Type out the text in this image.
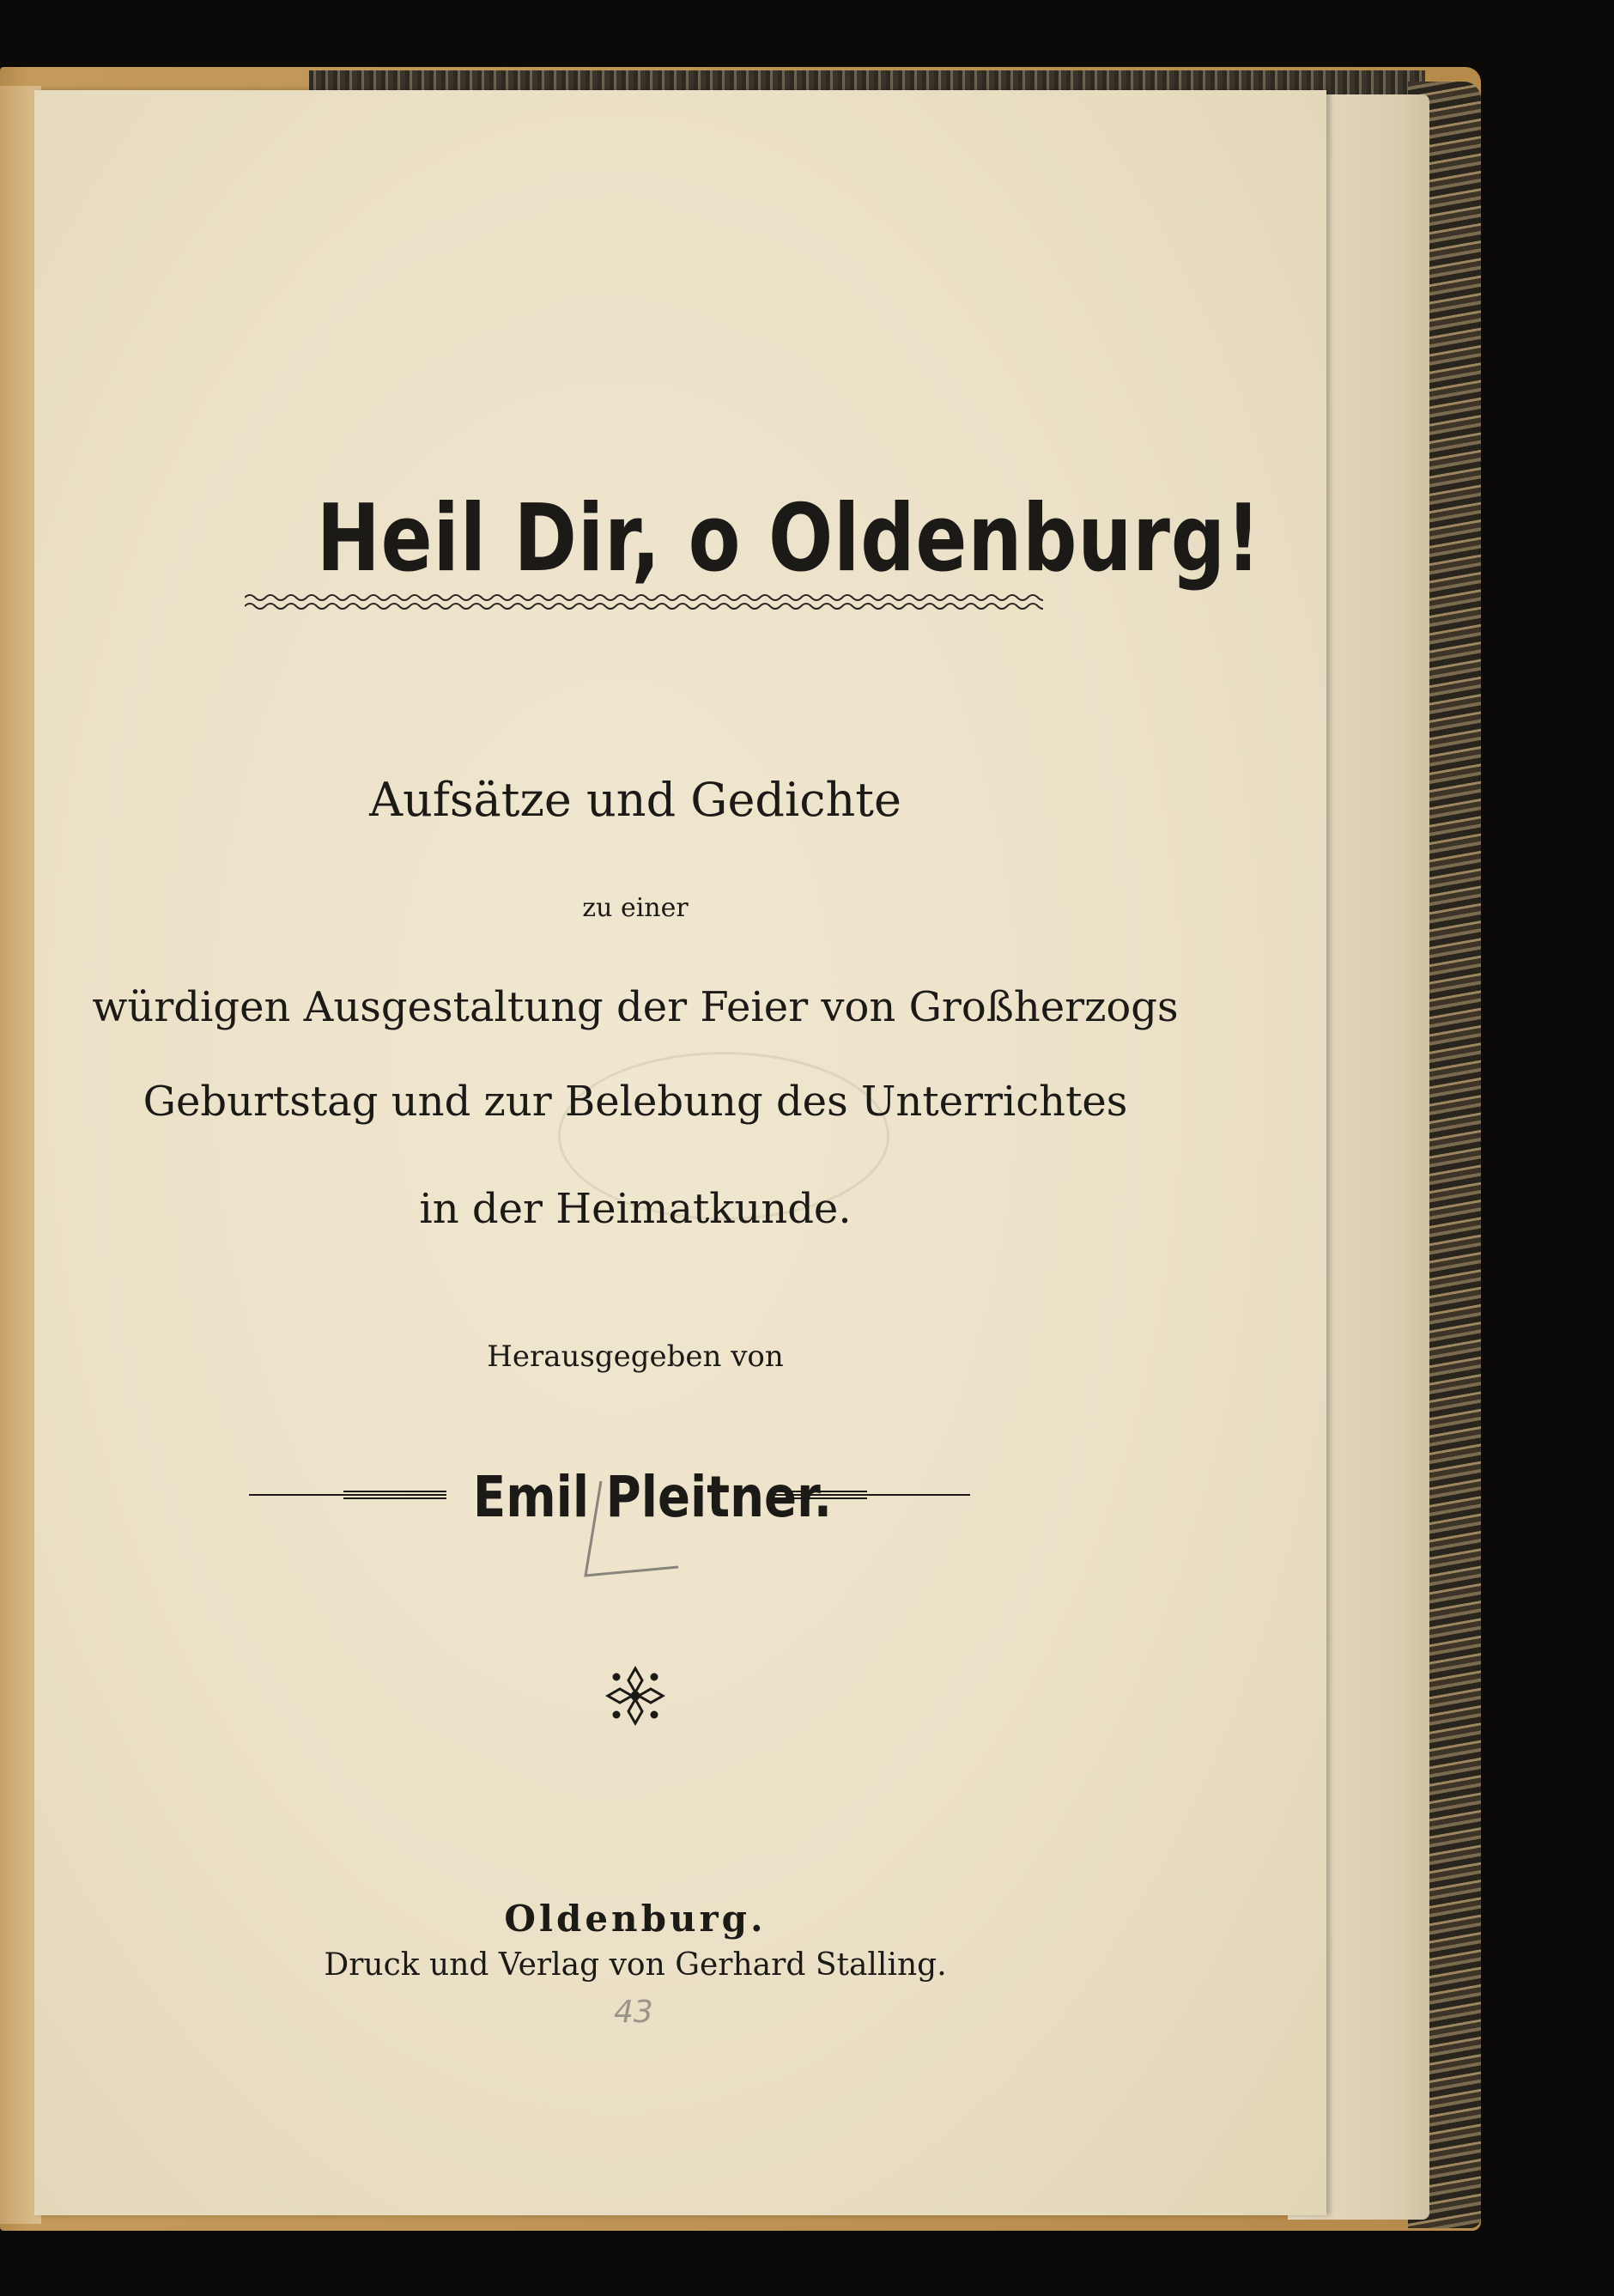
Heil Dir, o Oldenburg!
Aufsätze und Gedichte
zu einer
würdigen Ausgestaltung der Feier von Großherzogs
Geburtstag und zur Belebung des Unterrichtes
in der Heimatkunde.
Herausgegeben von
Emil Pleitner.
Oldenburg.
Druck und Verlag von Gerhard Stalling.
43
